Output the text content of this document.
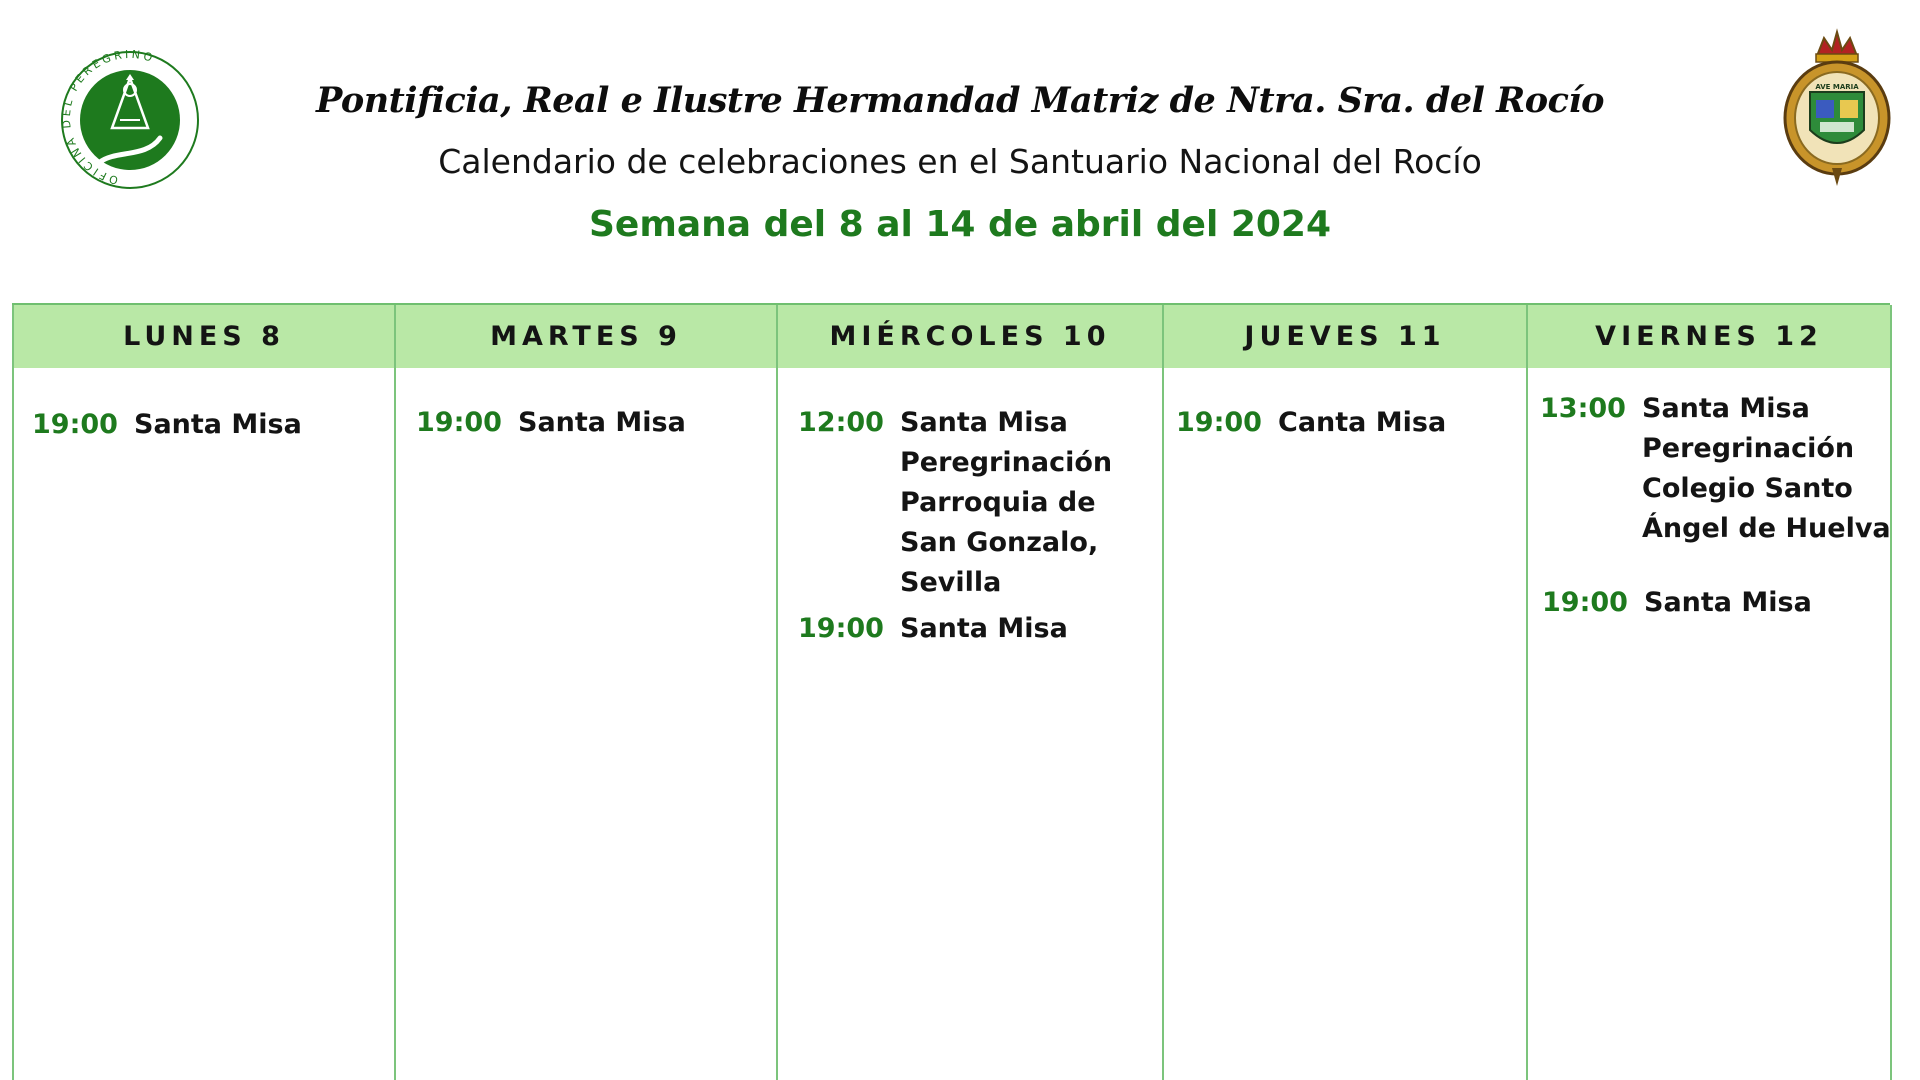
OFICINA DEL PEREGRINO
AVE MARIA
Pontificia, Real e Ilustre Hermandad Matriz de Ntra. Sra. del Rocío
Calendario de celebraciones en el Santuario Nacional del Rocío
Semana del 8 al 14 de abril del 2024
LUNES 8
19:00 Santa Misa
MARTES 9
19:00 Santa Misa
MIÉRCOLES 10
12:00 Santa Misa Peregrinación Parroquia de San Gonzalo, Sevilla
19:00 Santa Misa
JUEVES 11
19:00 Canta Misa
VIERNES 12
13:00 Santa Misa Peregrinación Colegio Santo Ángel de Huelva
19:00 Santa Misa
